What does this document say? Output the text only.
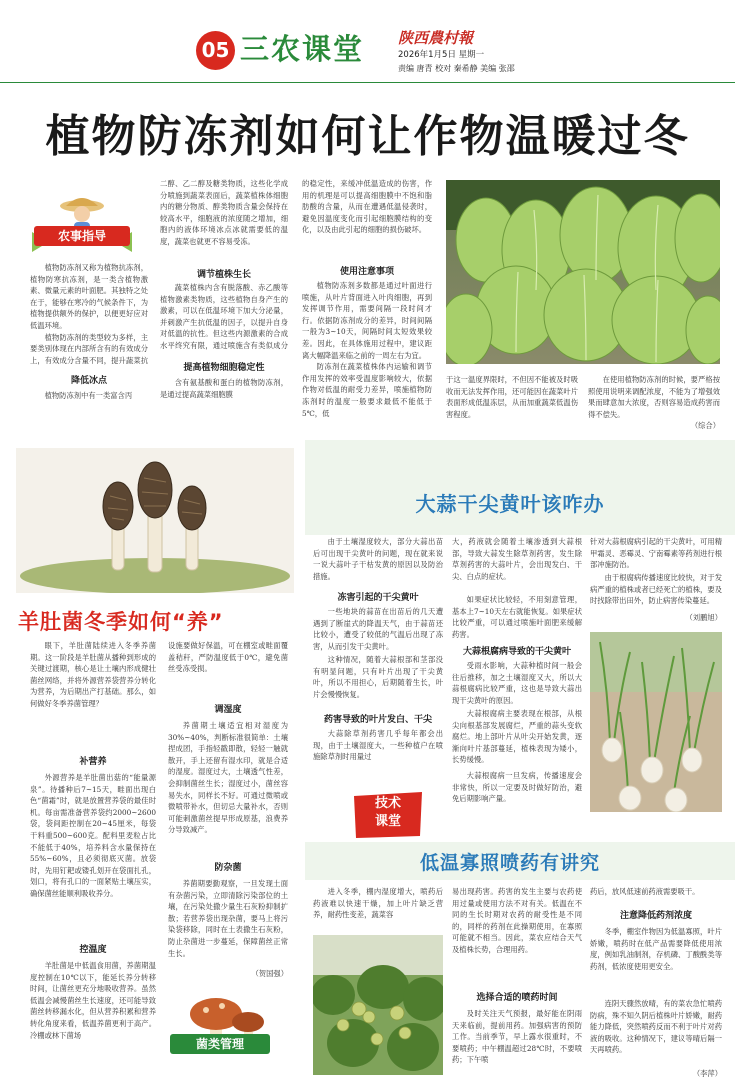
05 三农课堂 陕西農村報
2026年1月5日 星期一
责编 唐青 校对 秦希静 美编 张邵
植物防冻剂如何让作物温暖过冬
农事指导

植物防冻剂又称为植物抗冻剂，植物防寒抗冻剂，是一类含植物激素、微量元素的叶面肥。其独特之处在于，能够在寒冷的气候条件下，为植物提供额外的保护，以便更好应对低温环境。

植物防冻剂的类型较为多样，主要类别体现在内部所含有的有效成分上，有效成分含量不同，提升蔬菜抗

降低冰点

植物防冻剂中有一类富含丙

二醇、乙二醇及糖类物质，这些化学成分喷施到蔬菜表面后，蔬菜植株体细胞内的糖分物质、醇类物质含量会保持在较高水平，细胞液的浓度随之增加，细胞内的液体环境冰点冰就需要低的温度，蔬菜也就更不容易受冻。

调节植株生长

蔬菜植株内含有脱落酸、赤乙酸等植物激素类物质，这些植物自身产生的激素，可以在低温环境下加大分泌量，并刺激产生抗低温的因子，以提升自身对低温的抗性。但这些内源激素的合成水平终究有限，通过喷施含有类似成分

提高植物细胞稳定性

含有氨基酸和蛋白的植物防冻剂，是通过提高蔬菜细胞膜

的稳定性，来缓冲低温造成的伤害，作用的机理是可以提高细胞膜中不饱和脂肪酸的含量，从而在遭遇低温侵袭时，避免因温度变化而引起细胞膜结构的变化，以及由此引起的细胞的损伤破坏。

使用注意事项

植物防冻剂多数都是通过叶面进行喷施，从叶片背面进入叶肉细胞，再到发挥调节作用，需要间隔一段时间才行。依据防冻剂成分的差异，时间间隔一般为3~10天，间隔时间太短效果较差。因此，在具体施用过程中，建议距离大幅降温来临之前的一周左右为宜。

防冻剂在蔬菜植株体内运输和调节作用发挥的效率受温度影响较大，依据作物对低温的耐受力差异，喷施植物防冻剂时的温度一般要求最低不能低于5℃，低

于这一温度界限时，不但因不能被及时吸收而无法发挥作用，还可能因在蔬菜叶片表面形成低温冻层，从而加重蔬菜低温伤害程度。

在使用植物防冻剂的时候，要严格按照使用说明来调配浓度，不能为了增强效果而肆意加大浓度，否则容易造成药害而得不偿失。

（综合）
羊肚菌冬季如何“养”

眼下，羊肚菌陆续进入冬季养菌期。这一阶段是羊肚菌从播种到形成的关键过渡期，核心是让土壤内形成健壮菌丝网络，并将外源营养袋营养分转化为营养，为后期出产打基础。那么，如何做好冬季养菌管理？

补营养

外源营养是羊肚菌出菇的“能量源泉”。待播种后7~15天，畦面出现白色“菌霜”时，就是放置营养袋的最佳时机。每亩需准备营养袋约2000~2600袋，袋间距控制在20~45厘米，每袋干料重500~600克。配料里麦粒占比不能低于40%，培养料含水量保持在55%~60%，且必须彻底灭菌。放袋时，先用钉耙或镂孔划开在袋面扎孔，划口，将有孔口的一面紧贴土壤压实，确保菌丝能顺利吸收养分。

控温度

羊肚菌是中低温食用菌，养菌期温度控制在10℃以下，能延长养分转移时间，让菌丝更充分地吸收营养。虽然低温会减慢菌丝生长速度，还可能导致菌丝转移漏水化，但从营养积累和营养转化角度来看，低温养菌更利于高产。冷棚或林下菌场

设施要做好保温，可在棚室或畦面覆盖秸秆，严防温度低于0℃，避免菌丝受冻受损。

调湿度

养菌期土壤适宜相对湿度为30%~40%，判断标准很简单：土壤捏成团，手指轻戳即散，轻轻一触就散开，手上还留有湿水印，就是合适的湿度。湿度过大，土壤透气性差，会抑制菌丝生长；湿度过小，菌丝容易失水，同样长不好。可通过微喷或微喷带补水，但切忌大量补水，否则可能刺激菌丝提早形成原基，浪费养分导致减产。

防杂菌

养菌期要勤观察，一旦发现土面有杂菌污染，立即清除污染部位的土壤，在污染处撒少量生石灰粉抑制扩散；若营养袋出现杂菌，要马上将污染袋移除，同时在土表撒生石灰粉，防止杂菌进一步蔓延，保障菌丝正常生长。

（贺国强）
菌类管理
大蒜干尖黄叶该咋办

由于土壤湿度较大，部分大蒜出苗后可出现干尖黄叶的问题，现在就来说一说大蒜叶子干枯发黄的原因以及防治措施。

冻害引起的干尖黄叶

一些地块的蒜苗在出苗后的几天遭遇到了断崖式的降温天气，由于蒜苗还比较小，遭受了较低的气温后出现了冻害，从而引发干尖黄叶。

这种情况，随着大蒜根部和茎部没有明显问题，只有叶片出现了干尖黄叶，所以不用担心，后期随着生长，叶片会慢慢恢复。

药害导致的叶片发白、干尖

大蒜除草剂药害几乎每年都会出现，由于土壤湿度大，一些种植户在喷施除草剂时用量过

技术
课堂

大，药液就会随着土壤渗透到大蒜根部，导致大蒜发生除草剂药害，发生除草剂药害的大蒜叶片，会出现发白、干尖、白点的症状。

如果症状比较轻，不用刻意管理，基本上7~10天左右就能恢复。如果症状比较严重，可以通过喷施叶面肥来缓解药害。

大蒜根腐病导致的干尖黄叶

受雨水影响，大蒜种植时间一般会往后推移，加之土壤湿度又大，所以大蒜根腐病比较严重，这也是导致大蒜出现干尖黄叶的原因。

大蒜根腐病主要表现在根部，从根尖向根基部发展腐烂，严重的蒜头变软腐烂。地上部叶片从叶尖开始发黄，逐渐向叶片基部蔓延，植株表现为矮小，长势缓慢。

大蒜根腐病一旦发病，传播速度会非常快，所以一定要及时做好防治，避免后期影响产量。

针对大蒜根腐病引起的干尖黄叶，可用精甲霜灵、恶霉灵、宁南霉素等药剂进行根部冲施防治。

由于根腐病传播速度比较快，对于发病严重的植株或者已经死亡的植株，要及时找除带出田外，防止病害传染蔓延。

（刘鹏旭）
低温寡照喷药有讲究

进入冬季，棚内湿度增大，喷药后药液难以快速干燥，加上叶片缺乏营养，耐药性变差，蔬菜容

易出现药害。药害的发生主要与农药使用过量或使用方法不对有关。低温在不同的生长时期对农药的耐受性是不同的，同样的药剂在此操期使用，在寡照可能就不相当。因此，菜农应结合天气及植株长势，合理用药。

选择合适的喷药时间

及时关注天气预报，最好能在阴雨天来临前，提前用药。加强病害的预防工作。当前季节，早上露水很重时，不要喷药；中午棚温超过28℃时，不要喷药；下午喷

药后，放风低速前药液需要吸干。

注意降低药剂浓度

冬季，棚室作物因为低温寡照，叶片娇嫩，喷药时在低产品需要降低使用浓度，例如乳油制剂，存机磷、丁酸酰类等药剂，低浓度使用更安全。

连阴天骤然放晴，有的菜农急忙喷药防病，殊不知久阴后植株叶片娇嫩，耐药能力降低，突然喷药反而不利于叶片对药液的吸收。这种情况下，建议等晴后隔一天再喷药。

（李萍）
